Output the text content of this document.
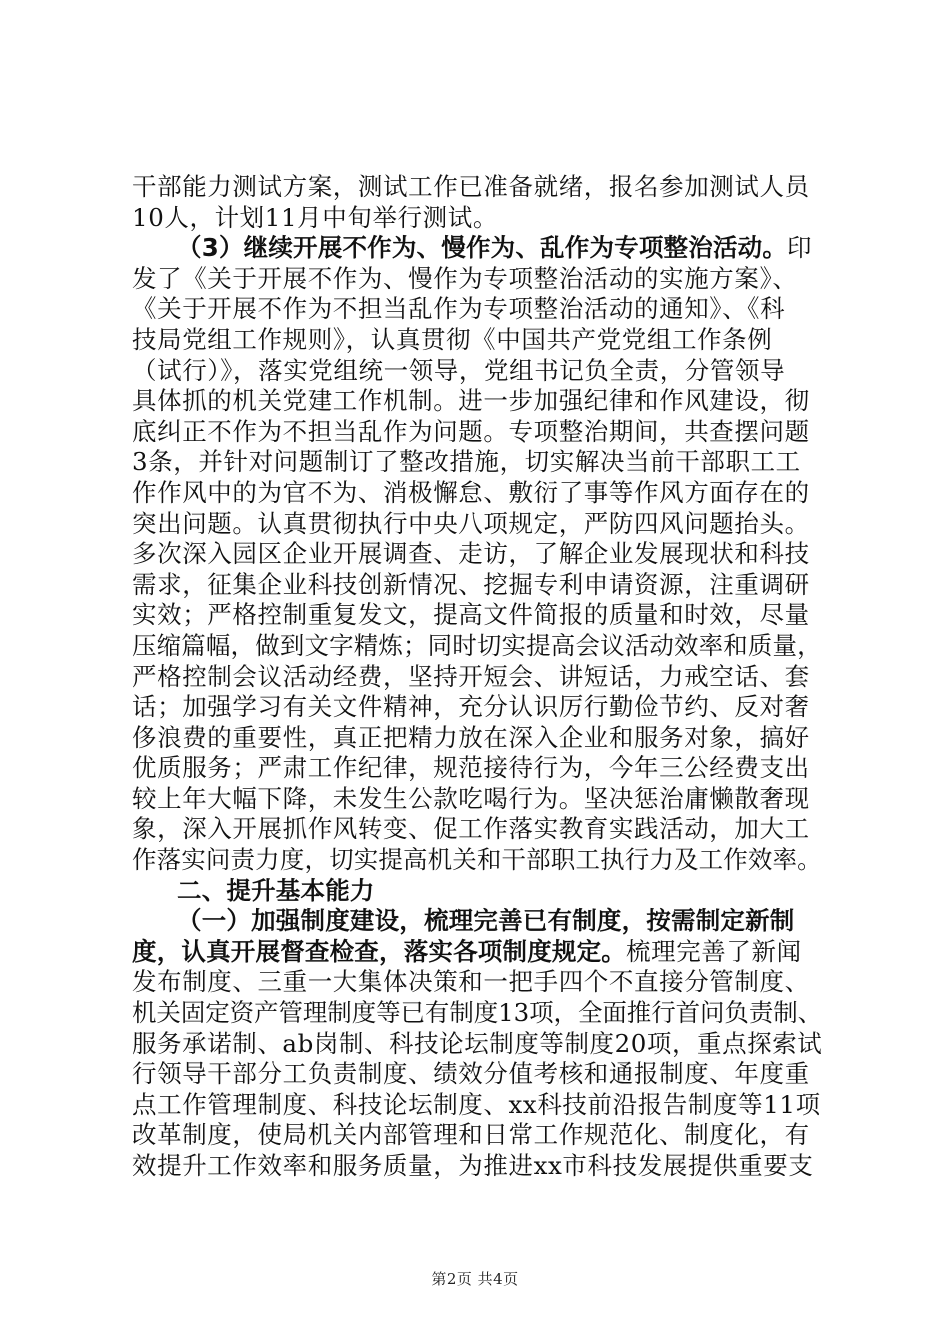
干部能力测试方案，测试工作已准备就绪，报名参加测试人员
10人，计划11月中旬举行测试。
（3）继续开展不作为、慢作为、乱作为专项整治活动。印
发了《关于开展不作为、慢作为专项整治活动的实施方案》、
《关于开展不作为不担当乱作为专项整治活动的通知》、《科
技局党组工作规则》，认真贯彻《中国共产党党组工作条例
（试行）》，落实党组统一领导，党组书记负全责，分管领导
具体抓的机关党建工作机制。进一步加强纪律和作风建设，彻
底纠正不作为不担当乱作为问题。专项整治期间，共查摆问题
3条，并针对问题制订了整改措施，切实解决当前干部职工工
作作风中的为官不为、消极懈怠、敷衍了事等作风方面存在的
突出问题。认真贯彻执行中央八项规定，严防四风问题抬头。
多次深入园区企业开展调查、走访，了解企业发展现状和科技
需求，征集企业科技创新情况、挖掘专利申请资源，注重调研
实效；严格控制重复发文，提高文件简报的质量和时效，尽量
压缩篇幅，做到文字精炼；同时切实提高会议活动效率和质量，
严格控制会议活动经费，坚持开短会、讲短话，力戒空话、套
话；加强学习有关文件精神，充分认识厉行勤俭节约、反对奢
侈浪费的重要性，真正把精力放在深入企业和服务对象，搞好
优质服务；严肃工作纪律，规范接待行为，今年三公经费支出
较上年大幅下降，未发生公款吃喝行为。坚决惩治庸懒散奢现
象，深入开展抓作风转变、促工作落实教育实践活动，加大工
作落实问责力度，切实提高机关和干部职工执行力及工作效率。
二、提升基本能力
（一）加强制度建设，梳理完善已有制度，按需制定新制
度，认真开展督查检查，落实各项制度规定。梳理完善了新闻
发布制度、三重一大集体决策和一把手四个不直接分管制度、
机关固定资产管理制度等已有制度13项，全面推行首问负责制、
服务承诺制、ab岗制、科技论坛制度等制度20项，重点探索试
行领导干部分工负责制度、绩效分值考核和通报制度、年度重
点工作管理制度、科技论坛制度、xx科技前沿报告制度等11项
改革制度，使局机关内部管理和日常工作规范化、制度化，有
效提升工作效率和服务质量，为推进xx市科技发展提供重要支
第2页 共4页
